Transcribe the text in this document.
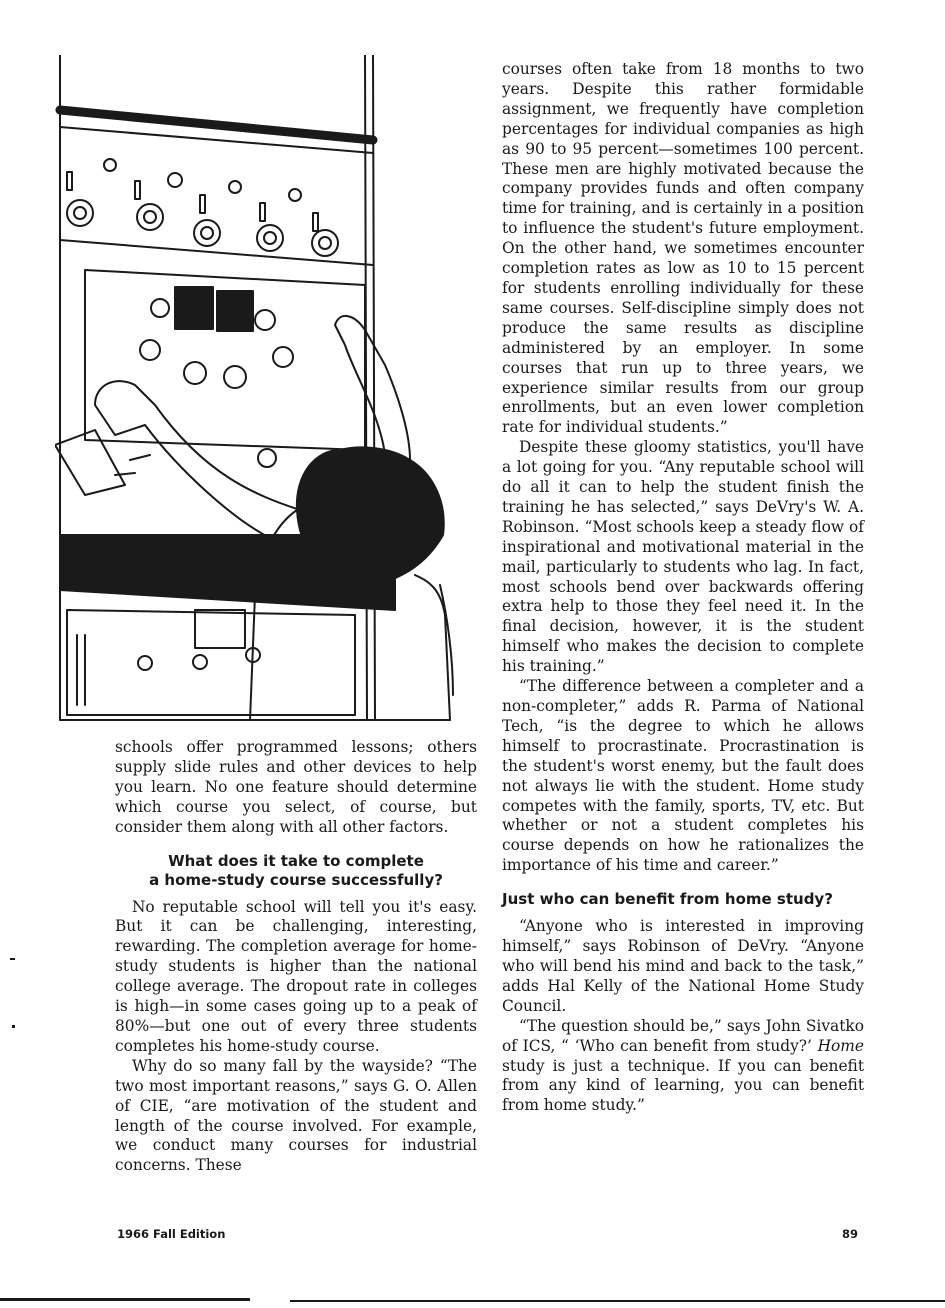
schools offer programmed lessons; others supply slide rules and other devices to help you learn. No one feature should determine which course you select, of course, but consider them along with all other factors.

What does it take to complete
a home-study course successfully?

No reputable school will tell you it's easy. But it can be challenging, interesting, rewarding. The completion average for home-study students is higher than the national college average. The dropout rate in colleges is high—in some cases going up to a peak of 80%—but one out of every three students completes his home-study course.

Why do so many fall by the wayside? “The two most important reasons,” says G. O. Allen of CIE, “are motivation of the student and length of the course involved. For example, we conduct many courses for industrial concerns. These

courses often take from 18 months to two years. Despite this rather formidable assignment, we frequently have completion percentages for individual companies as high as 90 to 95 percent—sometimes 100 percent. These men are highly motivated because the company provides funds and often company time for training, and is certainly in a position to influence the student's future employment. On the other hand, we sometimes encounter completion rates as low as 10 to 15 percent for students enrolling individually for these same courses. Self-discipline simply does not produce the same results as discipline administered by an employer. In some courses that run up to three years, we experience similar results from our group enrollments, but an even lower completion rate for individual students.”

Despite these gloomy statistics, you'll have a lot going for you. “Any reputable school will do all it can to help the student finish the training he has selected,” says DeVry's W. A. Robinson. “Most schools keep a steady flow of inspirational and motivational material in the mail, particularly to students who lag. In fact, most schools bend over backwards offering extra help to those they feel need it. In the final decision, however, it is the student himself who makes the decision to complete his training.”

“The difference between a completer and a non-completer,” adds R. Parma of National Tech, “is the degree to which he allows himself to procrastinate. Procrastination is the student's worst enemy, but the fault does not always lie with the student. Home study competes with the family, sports, TV, etc. But whether or not a student completes his course depends on how he rationalizes the importance of his time and career.”

Just who can benefit from home study?

“Anyone who is interested in improving himself,” says Robinson of DeVry. “Anyone who will bend his mind and back to the task,” adds Hal Kelly of the National Home Study Council.

“The question should be,” says John Sivatko of ICS, “ ‘Who can benefit from study?’ Home study is just a technique. If you can benefit from any kind of learning, you can benefit from home study.”

1966 Fall Edition	89
